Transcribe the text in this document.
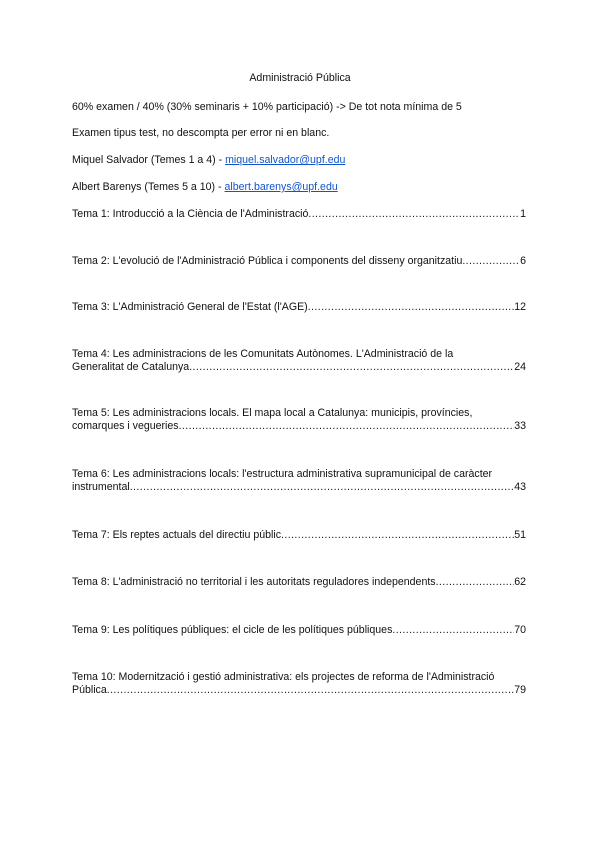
Administració Pública
60% examen / 40% (30% seminaris + 10% participació) -> De tot nota mínima de 5
Examen tipus test, no descompta per error ni en blanc.
Miquel Salvador (Temes 1 a 4) - miquel.salvador@upf.edu
Albert Barenys (Temes 5 a 10) - albert.barenys@upf.edu
Tema 1: Introducció a la Ciència de l'Administració .....	1
Tema 2: L'evolució de l'Administració Pública i components del disseny organitzatiu .....	6
Tema 3: L'Administració General de l'Estat (l'AGE) .....	12
Tema 4: Les administracions de les Comunitats Autònomes. L'Administració de la
Generalitat de Catalunya .....	24
Tema 5: Les administracions locals. El mapa local a Catalunya: municipis, províncies,
comarques i vegueries .....	33
Tema 6: Les administracions locals: l'estructura administrativa supramunicipal de caràcter
instrumental .....	43
Tema 7: Els reptes actuals del directiu públic .....	51
Tema 8: L'administració no territorial i les autoritats reguladores independents .....	62
Tema 9: Les polítiques públiques: el cicle de les polítiques públiques .....	70
Tema 10: Modernització i gestió administrativa: els projectes de reforma de l'Administració
Pública .....	79
